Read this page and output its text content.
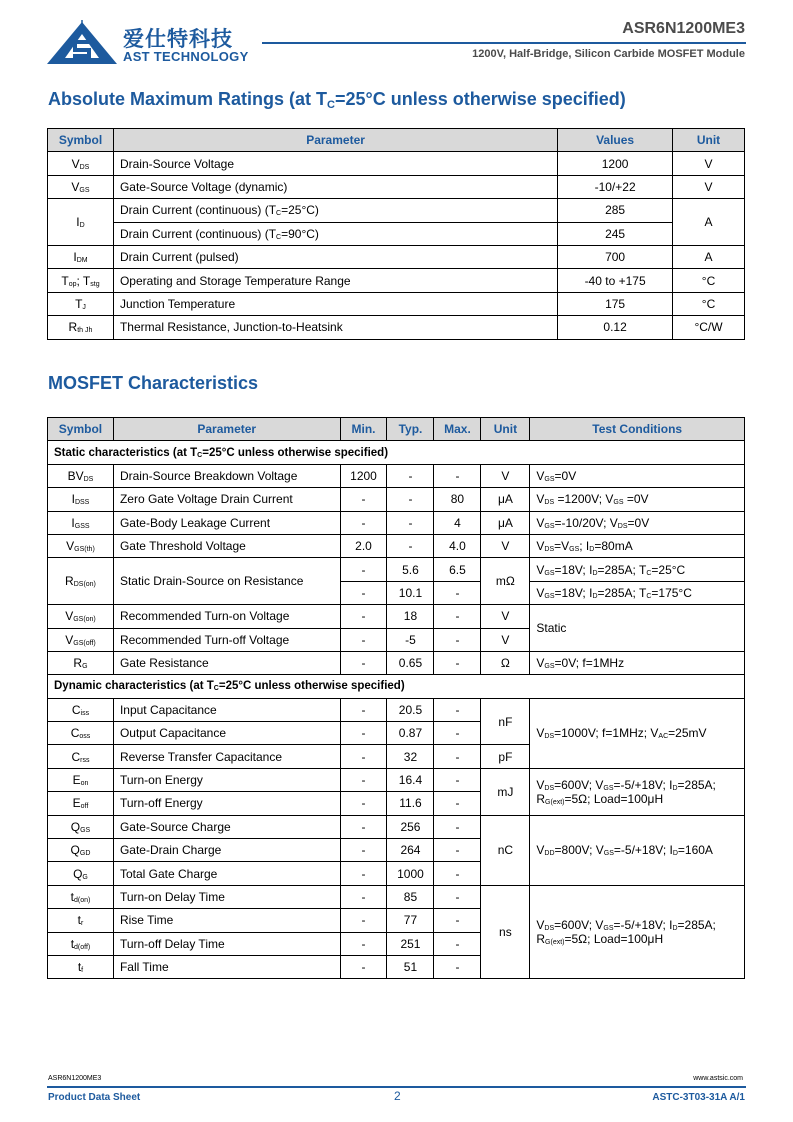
爱仕特科技
AST TECHNOLOGY
ASR6N1200ME3
1200V, Half-Bridge, Silicon Carbide MOSFET Module
Absolute Maximum Ratings (at $T_C=25^\circ C$ unless otherwise specified)
Symbol	Parameter	Values	Unit
$V_{DS}$	Drain-Source Voltage	1200	V
$V_{GS}$	Gate-Source Voltage (dynamic)	-10/+22	V
$I_D$	Drain Current (continuous) $(T_C=25^\circ C)$	285	A
	Drain Current (continuous) $(T_C=90^\circ C)$	245	
$I_{DM}$	Drain Current (pulsed)	700	A
$T_{op}$; $T_{stg}$	Operating and Storage Temperature Range	-40 to +175	°C
$T_J$	Junction Temperature	175	°C
$R_{th Jh}$	Thermal Resistance, Junction-to-Heatsink	0.12	°C/W
MOSFET Characteristics
Symbol	Parameter	Min.	Typ.	Max.	Unit	Test Conditions
Static characteristics (at $T_C=25^\circ C$ unless otherwise specified)						
$BV_{DS}$	Drain-Source Breakdown Voltage	1200	-	-	V	$V_{GS}=0V$
$I_{DSS}$	Zero Gate Voltage Drain Current	-	-	80	μA	$V_{DS} =1200V$; $V_{GS} =0V$
$I_{GSS}$	Gate-Body Leakage Current	-	-	4	μA	$V_{GS}=-10/20V$; $V_{DS}=0V$
$V_{GS(th)}$	Gate Threshold Voltage	2.0	-	4.0	V	$V_{DS}=V_{GS}$; $I_D=80mA$
$R_{DS(on)}$	Static Drain-Source on Resistance	-	5.6	6.5	mΩ	$V_{GS}=18V$; $I_D=285A$; $T_C=25^\circ C$
		-	10.1	-		$V_{GS}=18V$; $I_D=285A$; $T_C=175^\circ C$
$V_{GS(on)}$	Recommended Turn-on Voltage	-	18	-	V	Static
$V_{GS(off)}$	Recommended Turn-off Voltage	-	-5	-	V	
$R_G$	Gate Resistance	-	0.65	-	Ω	$V_{GS}=0V$; f=1MHz
Dynamic characteristics (at $T_C=25^\circ C$ unless otherwise specified)						
$C_{iss}$	Input Capacitance	-	20.5	-	nF	$V_{DS}=1000V$; f=1MHz; $V_{AC}=25mV$
$C_{oss}$	Output Capacitance	-	0.87	-		
$C_{rss}$	Reverse Transfer Capacitance	-	32	-	pF	
$E_{on}$	Turn-on Energy	-	16.4	-	mJ	$V_{DS}=600V$; $V_{GS}=-5/+18V$; $I_D=285A$;
$R_{G(ext)}=5\Omega$; Load=100μH
$E_{off}$	Turn-off Energy	-	11.6	-		
$Q_{GS}$	Gate-Source Charge	-	256	-	nC	$V_{DD}=800V$; $V_{GS}=-5/+18V$; $I_D=160A$
$Q_{GD}$	Gate-Drain Charge	-	264	-		
$Q_G$	Total Gate Charge	-	1000	-		
$t_{d(on)}$	Turn-on Delay Time	-	85	-	ns	$V_{DS}=600V$; $V_{GS}=-5/+18V$; $I_D=285A$;
$R_{G(ext)}=5\Omega$; Load=100μH
$t_r$	Rise Time	-	77	-		
$t_{d(off)}$	Turn-off Delay Time	-	251	-		
$t_f$	Fall Time	-	51	-		
ASR6N1200ME3	www.astsic.com
Product Data Sheet	2	ASTC-3T03-31A A/1
